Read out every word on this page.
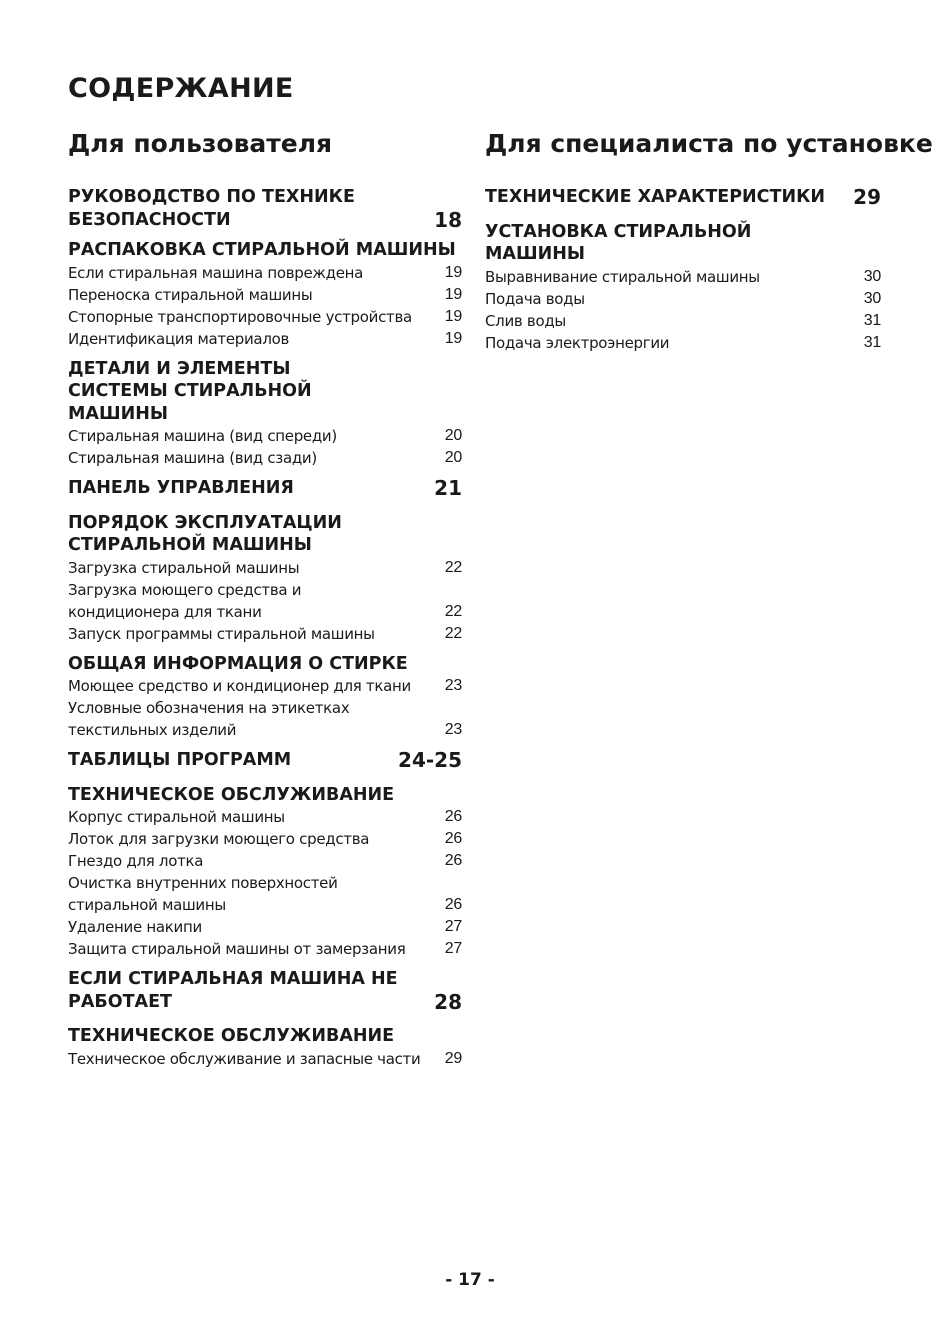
СОДЕРЖАНИЕ
Для пользователя
РУКОВОДСТВО ПО ТЕХНИКЕ БЕЗОПАСНОСТИ	18
РАСПАКОВКА СТИРАЛЬНОЙ МАШИНЫ
Если стиральная машина повреждена	19
Переноска стиральной машины	19
Стопорные транспортировочные устройства	19
Идентификация материалов	19
ДЕТАЛИ И ЭЛЕМЕНТЫ СИСТЕМЫ СТИРАЛЬНОЙ МАШИНЫ
Стиральная машина (вид спереди)	20
Стиральная машина (вид сзади)	20
ПАНЕЛЬ УПРАВЛЕНИЯ	21
ПОРЯДОК ЭКСПЛУАТАЦИИ СТИРАЛЬНОЙ МАШИНЫ
Загрузка стиральной машины	22
Загрузка моющего средства и кондиционера для ткани	22
Запуск программы стиральной машины	22
ОБЩАЯ ИНФОРМАЦИЯ О СТИРКЕ
Моющее средство и кондиционер для ткани	23
Условные обозначения на этикетках текстильных изделий	23
ТАБЛИЦЫ ПРОГРАММ	24-25
ТЕХНИЧЕСКОЕ ОБСЛУЖИВАНИЕ
Корпус стиральной машины	26
Лоток для загрузки моющего средства	26
Гнездо для лотка	26
Очистка внутренних поверхностей стиральной машины	26
Удаление накипи	27
Защита стиральной машины от замерзания	27
ЕСЛИ СТИРАЛЬНАЯ МАШИНА НЕ РАБОТАЕТ	28
ТЕХНИЧЕСКОЕ ОБСЛУЖИВАНИЕ
Техническое обслуживание и запасные части	29
Для специалиста по установке
ТЕХНИЧЕСКИЕ ХАРАКТЕРИСТИКИ	29
УСТАНОВКА СТИРАЛЬНОЙ МАШИНЫ
Выравнивание стиральной машины	30
Подача воды	30
Слив воды	31
Подача электроэнергии	31
- 17 -
